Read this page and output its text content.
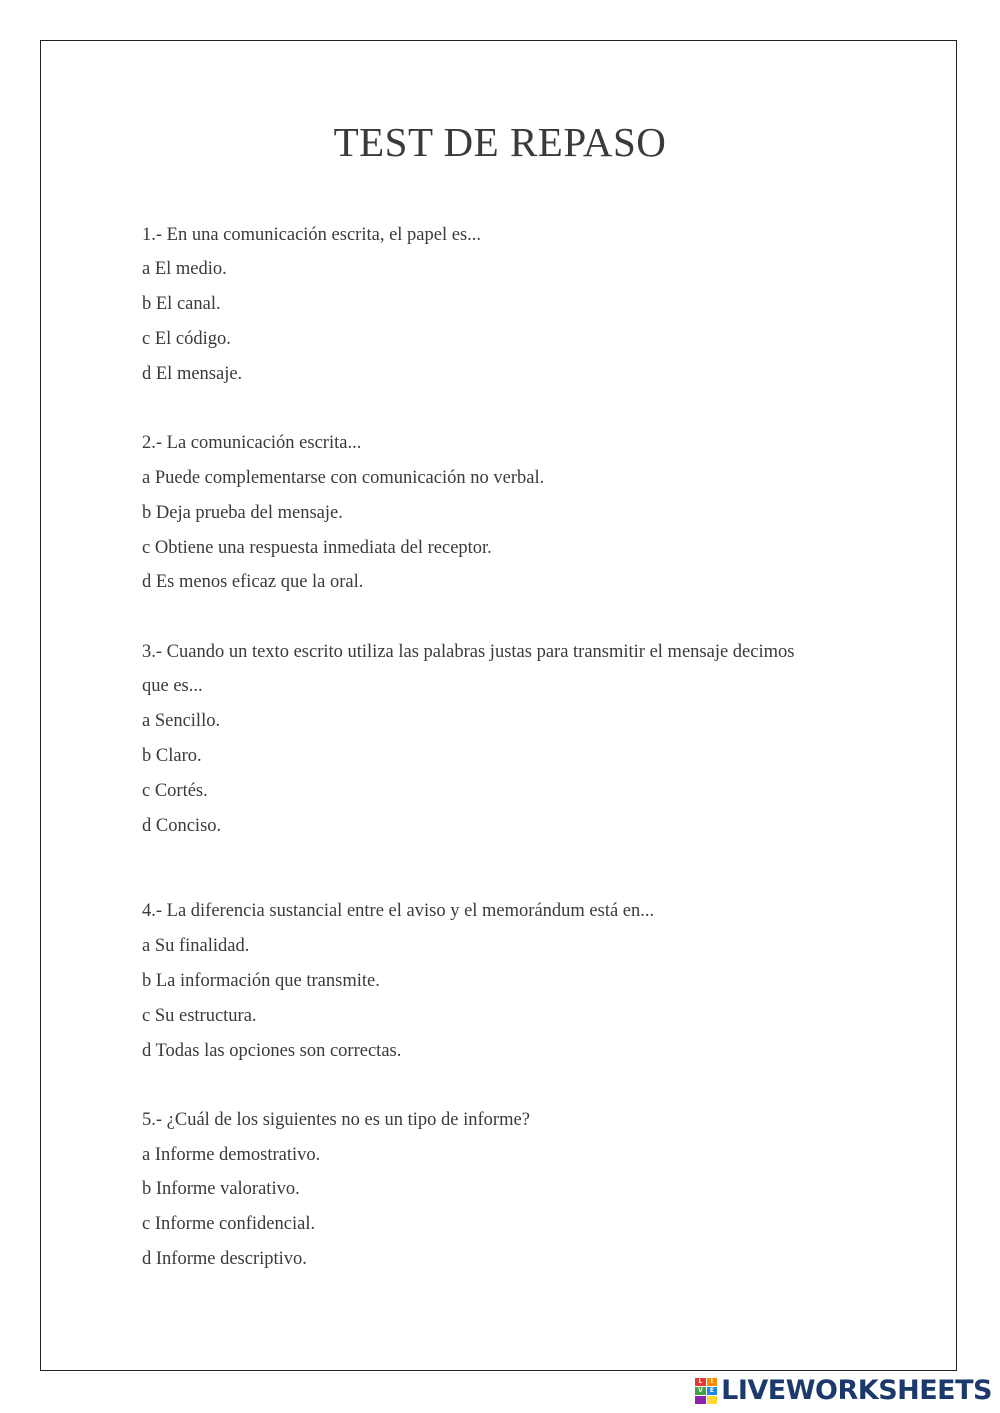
TEST DE REPASO
1.- En una comunicación escrita, el papel es...
a El medio.
b El canal.
c El código.
d El mensaje.
2.- La comunicación escrita...
a Puede complementarse con comunicación no verbal.
b Deja prueba del mensaje.
c Obtiene una respuesta inmediata del receptor.
d Es menos eficaz que la oral.
3.- Cuando un texto escrito utiliza las palabras justas para transmitir el mensaje decimos
que es...
a Sencillo.
b Claro.
c Cortés.
d Conciso.
4.- La diferencia sustancial entre el aviso y el memorándum está en...
a Su finalidad.
b La información que transmite.
c Su estructura.
d Todas las opciones son correctas.
5.- ¿Cuál de los siguientes no es un tipo de informe?
a Informe demostrativo.
b Informe valorativo.
c Informe confidencial.
d Informe descriptivo.
L	I
V	E LIVEWORKSHEETS
